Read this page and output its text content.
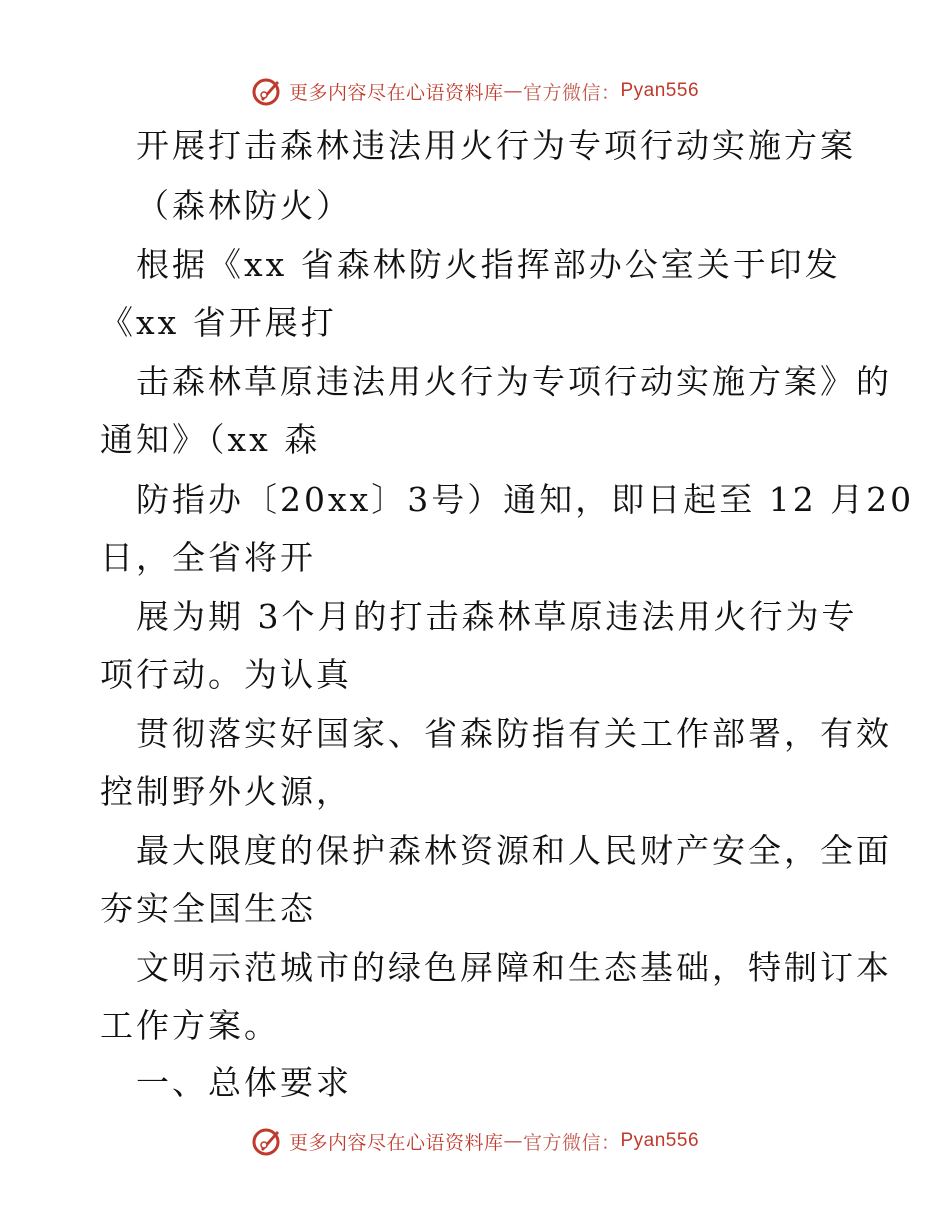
更多内容尽在心语资料库 — 官方微信： Pyan556
开展打击森林违法用火行为专项行动实施方案
（森林防火）
根据《xx 省森林防火指挥部办公室关于印发
《xx 省开展打
击森林草原违法用火行为专项行动实施方案》的
通知》（xx 森
防指办〔20xx〕3号）通知，即日起至 12 月20
日，全省将开
展为期 3个月的打击森林草原违法用火行为专
项行动。为认真
贯彻落实好国家、省森防指有关工作部署，有效
控制野外火源，
最大限度的保护森林资源和人民财产安全，全面
夯实全国生态
文明示范城市的绿色屏障和生态基础，特制订本
工作方案。
一、总体要求
更多内容尽在心语资料库 — 官方微信： Pyan556
